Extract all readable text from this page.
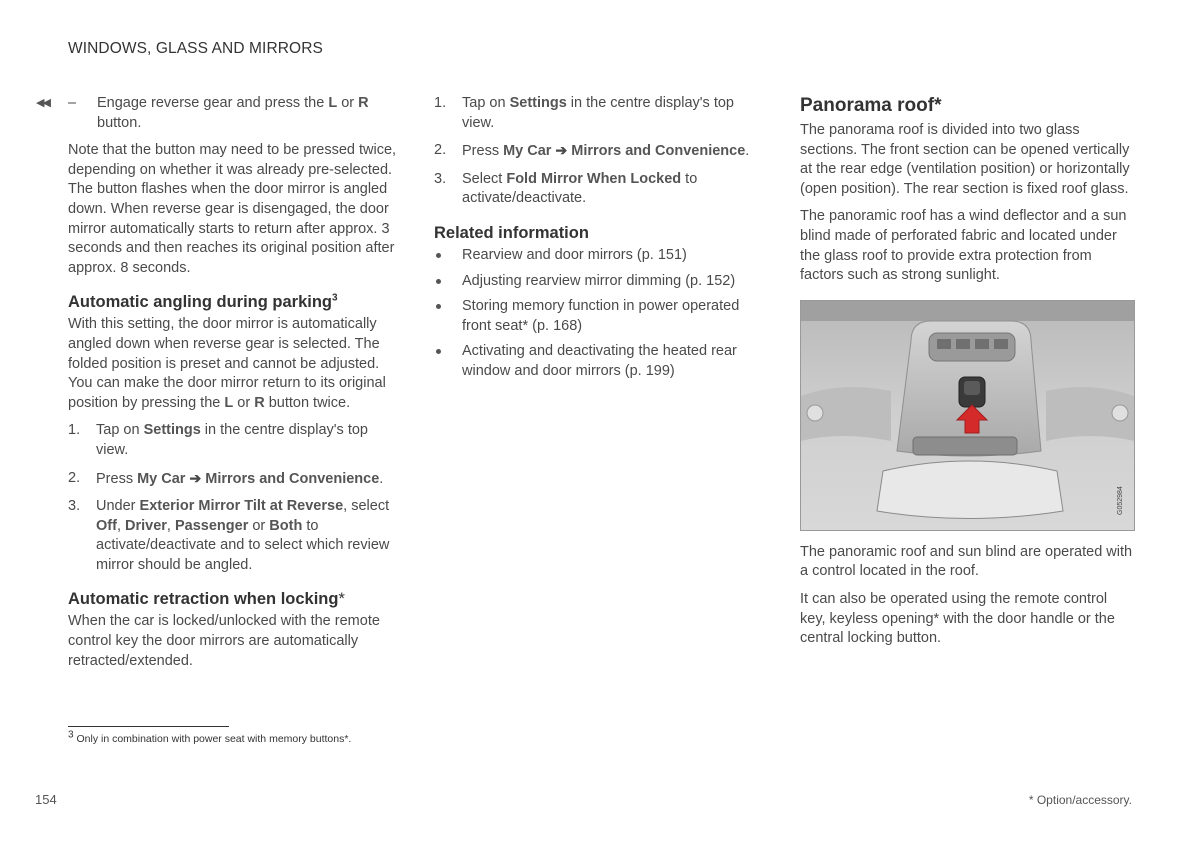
WINDOWS, GLASS AND MIRRORS
◀◀ – Engage reverse gear and press the L or R button.

Note that the button may need to be pressed twice, depending on whether it was already pre-selected. The button flashes when the door mirror is angled down. When reverse gear is disengaged, the door mirror automatically starts to return after approx. 3 seconds and then reaches its original position after approx. 8 seconds.

Automatic angling during parking$^3$

With this setting, the door mirror is automatically angled down when reverse gear is selected. The folded position is preset and cannot be adjusted. You can make the door mirror return to its original position by pressing the L or R button twice.

1. Tap on Settings in the centre display's top view.
2. Press My Car ➔ Mirrors and Convenience.
3. Under Exterior Mirror Tilt at Reverse, select Off, Driver, Passenger or Both to activate/deactivate and to select which review mirror should be angled.
Automatic retraction when locking*

When the car is locked/unlocked with the remote control key the door mirrors are automatically retracted/extended.

1. Tap on Settings in the centre display's top view.
2. Press My Car ➔ Mirrors and Convenience.
3. Select Fold Mirror When Locked to activate/deactivate.
Related information
Rearview and door mirrors (p. 151)
Adjusting rearview mirror dimming (p. 152)
Storing memory function in power operated front seat* (p. 168)
Activating and deactivating the heated rear window and door mirrors (p. 199)
Panorama roof*

The panorama roof is divided into two glass sections. The front section can be opened vertically at the rear edge (ventilation position) or horizontally (open position). The rear section is fixed roof glass.

The panoramic roof has a wind deflector and a sun blind made of perforated fabric and located under the glass roof to provide extra protection from factors such as strong sunlight.

G052984

The panoramic roof and sun blind are operated with a control located in the roof.

It can also be operated using the remote control key, keyless opening* with the door handle or the central locking button.

$^3$ Only in combination with power seat with memory buttons*.
154	* Option/accessory.
